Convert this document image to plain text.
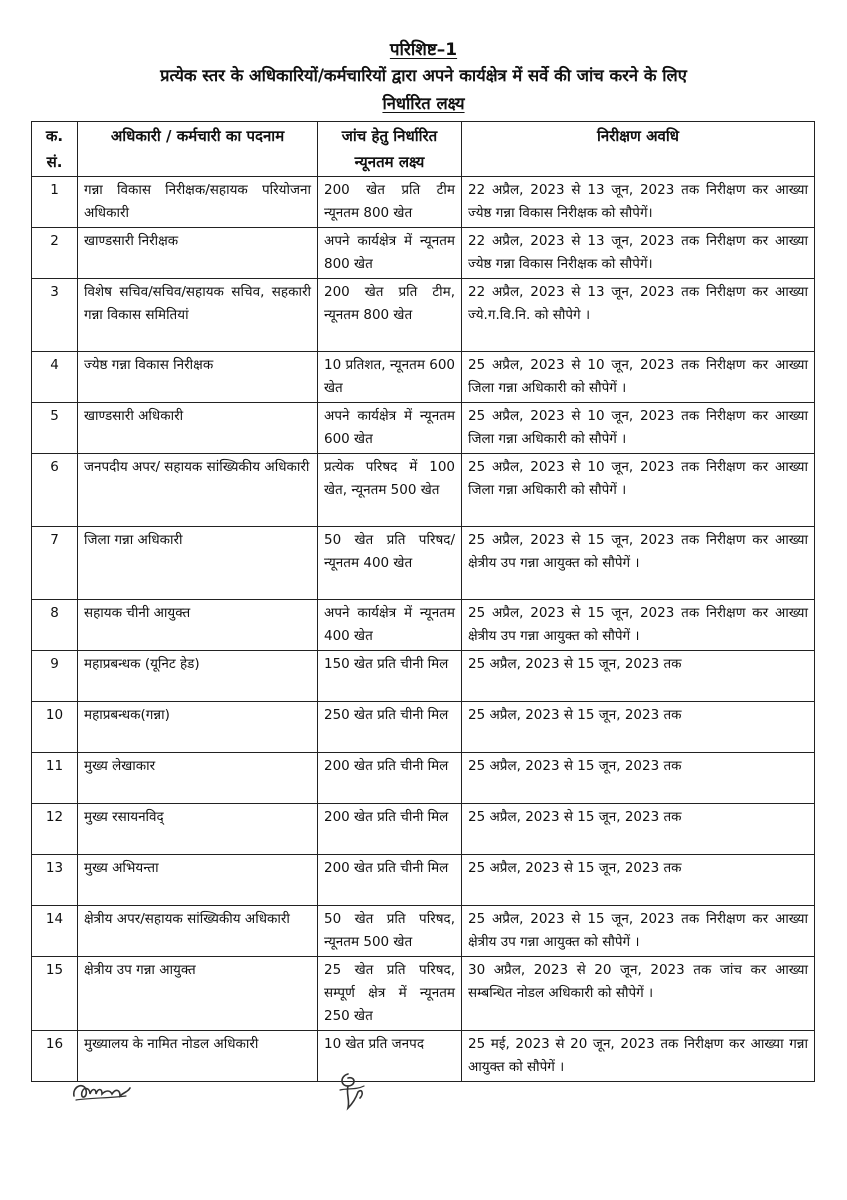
परिशिष्ट–1
प्रत्येक स्तर के अधिकारियों/कर्मचारियों द्वारा अपने कार्यक्षेत्र में सर्वे की जांच करने के लिए
निर्धारित लक्ष्य
क. सं.	अधिकारी / कर्मचारी का पदनाम	जांच हेतु निर्धारित न्यूनतम लक्ष्य	निरीक्षण अवधि
1	गन्ना विकास निरीक्षक/सहायक परियोजना अधिकारी	200 खेत प्रति टीम न्यूनतम 800 खेत	22 अप्रैल, 2023 से 13 जून, 2023 तक निरीक्षण कर आख्या ज्येष्ठ गन्ना विकास निरीक्षक को सौपेगें।
2	खाण्डसारी निरीक्षक	अपने कार्यक्षेत्र में न्यूनतम 800 खेत	22 अप्रैल, 2023 से 13 जून, 2023 तक निरीक्षण कर आख्या ज्येष्ठ गन्ना विकास निरीक्षक को सौपेगें।
3	विशेष सचिव/सचिव/सहायक सचिव, सहकारी गन्ना विकास समितियां	200 खेत प्रति टीम, न्यूनतम 800 खेत	22 अप्रैल, 2023 से 13 जून, 2023 तक निरीक्षण कर आख्या ज्ये.ग.वि.नि. को सौपेगे ।
4	ज्येष्ठ गन्ना विकास निरीक्षक	10 प्रतिशत, न्यूनतम 600 खेत	25 अप्रैल, 2023 से 10 जून, 2023 तक निरीक्षण कर आख्या जिला गन्ना अधिकारी को सौपेगें ।
5	खाण्डसारी अधिकारी	अपने कार्यक्षेत्र में न्यूनतम 600 खेत	25 अप्रैल, 2023 से 10 जून, 2023 तक निरीक्षण कर आख्या जिला गन्ना अधिकारी को सौपेगें ।
6	जनपदीय अपर/ सहायक सांख्यिकीय अधिकारी	प्रत्येक परिषद में 100 खेत, न्यूनतम 500 खेत	25 अप्रैल, 2023 से 10 जून, 2023 तक निरीक्षण कर आख्या जिला गन्ना अधिकारी को सौपेगें ।
7	जिला गन्ना अधिकारी	50 खेत प्रति परिषद/न्यूनतम 400 खेत	25 अप्रैल, 2023 से 15 जून, 2023 तक निरीक्षण कर आख्या क्षेत्रीय उप गन्ना आयुक्त को सौपेगें ।
8	सहायक चीनी आयुक्त	अपने कार्यक्षेत्र में न्यूनतम 400 खेत	25 अप्रैल, 2023 से 15 जून, 2023 तक निरीक्षण कर आख्या क्षेत्रीय उप गन्ना आयुक्त को सौपेगें ।
9	महाप्रबन्धक (यूनिट हेड)	150 खेत प्रति चीनी मिल	25 अप्रैल, 2023 से 15 जून, 2023 तक
10	महाप्रबन्धक(गन्ना)	250 खेत प्रति चीनी मिल	25 अप्रैल, 2023 से 15 जून, 2023 तक
11	मुख्य लेखाकार	200 खेत प्रति चीनी मिल	25 अप्रैल, 2023 से 15 जून, 2023 तक
12	मुख्य रसायनविद्	200 खेत प्रति चीनी मिल	25 अप्रैल, 2023 से 15 जून, 2023 तक
13	मुख्य अभियन्ता	200 खेत प्रति चीनी मिल	25 अप्रैल, 2023 से 15 जून, 2023 तक
14	क्षेत्रीय अपर/सहायक सांख्यिकीय अधिकारी	50 खेत प्रति परिषद, न्यूनतम 500 खेत	25 अप्रैल, 2023 से 15 जून, 2023 तक निरीक्षण कर आख्या क्षेत्रीय उप गन्ना आयुक्त को सौपेगें ।
15	क्षेत्रीय उप गन्ना आयुक्त	25 खेत प्रति परिषद, सम्पूर्ण क्षेत्र में न्यूनतम 250 खेत	30 अप्रैल, 2023 से 20 जून, 2023 तक जांच कर आख्या सम्बन्धित नोडल अधिकारी को सौपेगें ।
16	मुख्यालय के नामित नोडल अधिकारी	10 खेत प्रति जनपद	25 मई, 2023 से 20 जून, 2023 तक निरीक्षण कर आख्या गन्ना आयुक्त को सौपेगें ।
